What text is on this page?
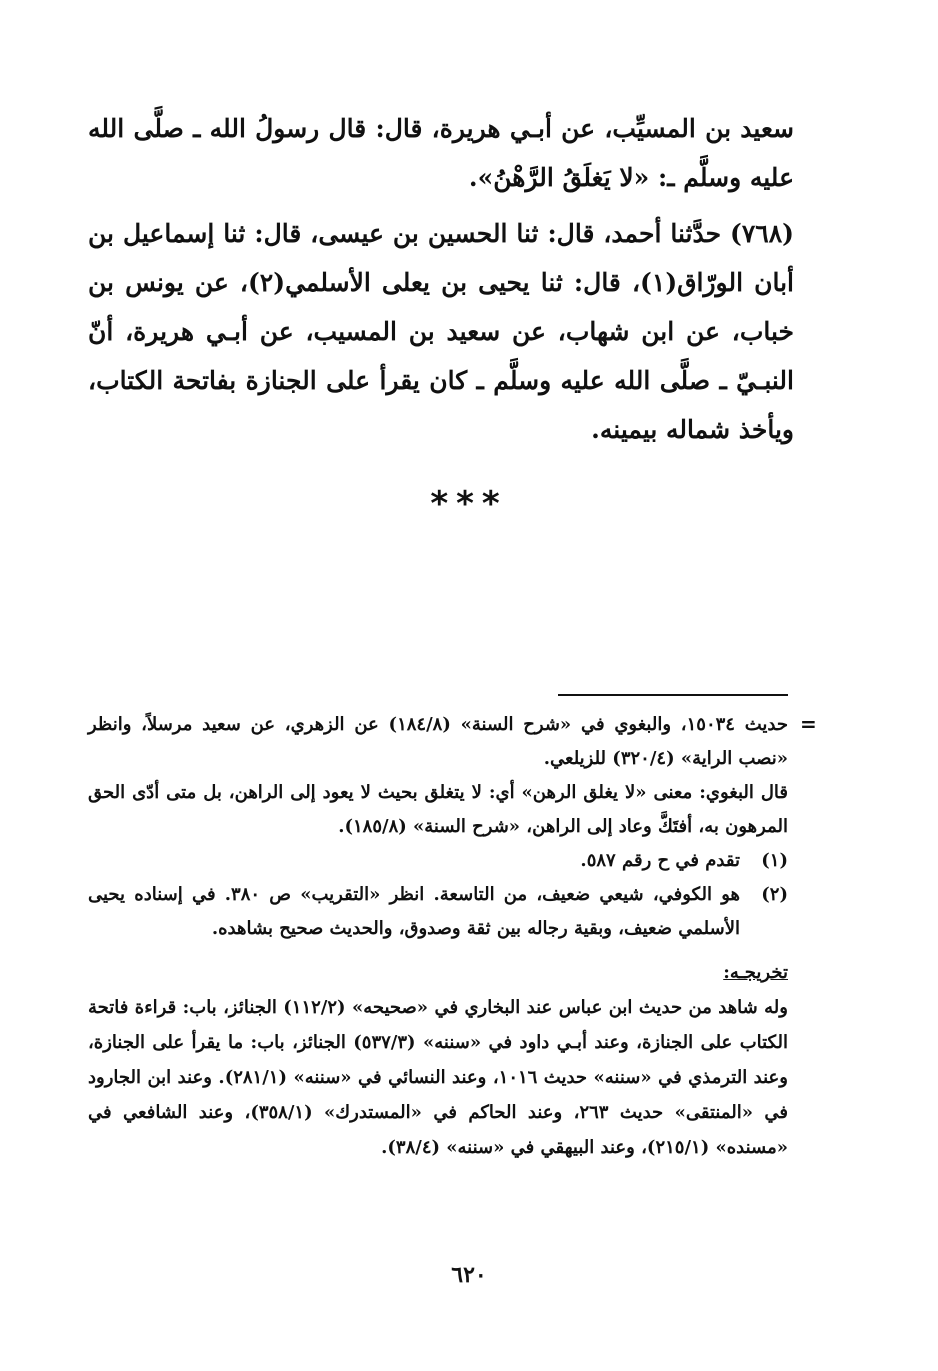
سعيد بن المسيِّب، عن أبـي هريرة، قال: قال رسولُ الله ـ صلَّى الله عليه وسلَّم ـ: «لا يَغلَقُ الرَّهْنُ».

(٧٦٨) حدَّثنا أحمد، قال: ثنا الحسين بن عيسى، قال: ثنا إسماعيل بن أبان الورّاق(١)، قال: ثنا يحيى بن يعلى الأسلمي(٢)، عن يونس بن خباب، عن ابن شهاب، عن سعيد بن المسيب، عن أبـي هريرة، أنّ النبـيّ ـ صلَّى الله عليه وسلَّم ـ كان يقرأ على الجنازة بفاتحة الكتاب، ويأخذ شماله بيمينه.

***
=

حديث ١٥٠٣٤، والبغوي في «شرح السنة» (١٨٤/٨) عن الزهري، عن سعيد مرسلاً، وانظر «نصب الراية» (٣٢٠/٤) للزيلعي.

قال البغوي: معنى «لا يغلق الرهن» أي: لا يتغلق بحيث لا يعود إلى الراهن، بل متى أدّى الحق المرهون به، أفتَكَّ وعاد إلى الراهن، «شرح السنة» (١٨٥/٨).

(١)
تقدم في ح رقم ٥٨٧.
(٢)
هو الكوفي، شيعي ضعيف، من التاسعة. انظر «التقريب» ص ٣٨٠. في إسناده يحيى الأسلمي ضعيف، وبقية رجاله بين ثقة وصدوق، والحديث صحيح بشاهده.

تخريجـه:

وله شاهد من حديث ابن عباس عند البخاري في «صحيحه» (١١٢/٢) الجنائز، باب: قراءة فاتحة الكتاب على الجنازة، وعند أبـي داود في «سننه» (٥٣٧/٣) الجنائز، باب: ما يقرأ على الجنازة، وعند الترمذي في «سننه» حديث ١٠١٦، وعند النسائي في «سننه» (٢٨١/١). وعند ابن الجارود في «المنتقى» حديث ٢٦٣، وعند الحاكم في «المستدرك» (٣٥٨/١)، وعند الشافعي في «مسنده» (٢١٥/١)، وعند البيهقي في «سننه» (٣٨/٤).

٦٢٠
